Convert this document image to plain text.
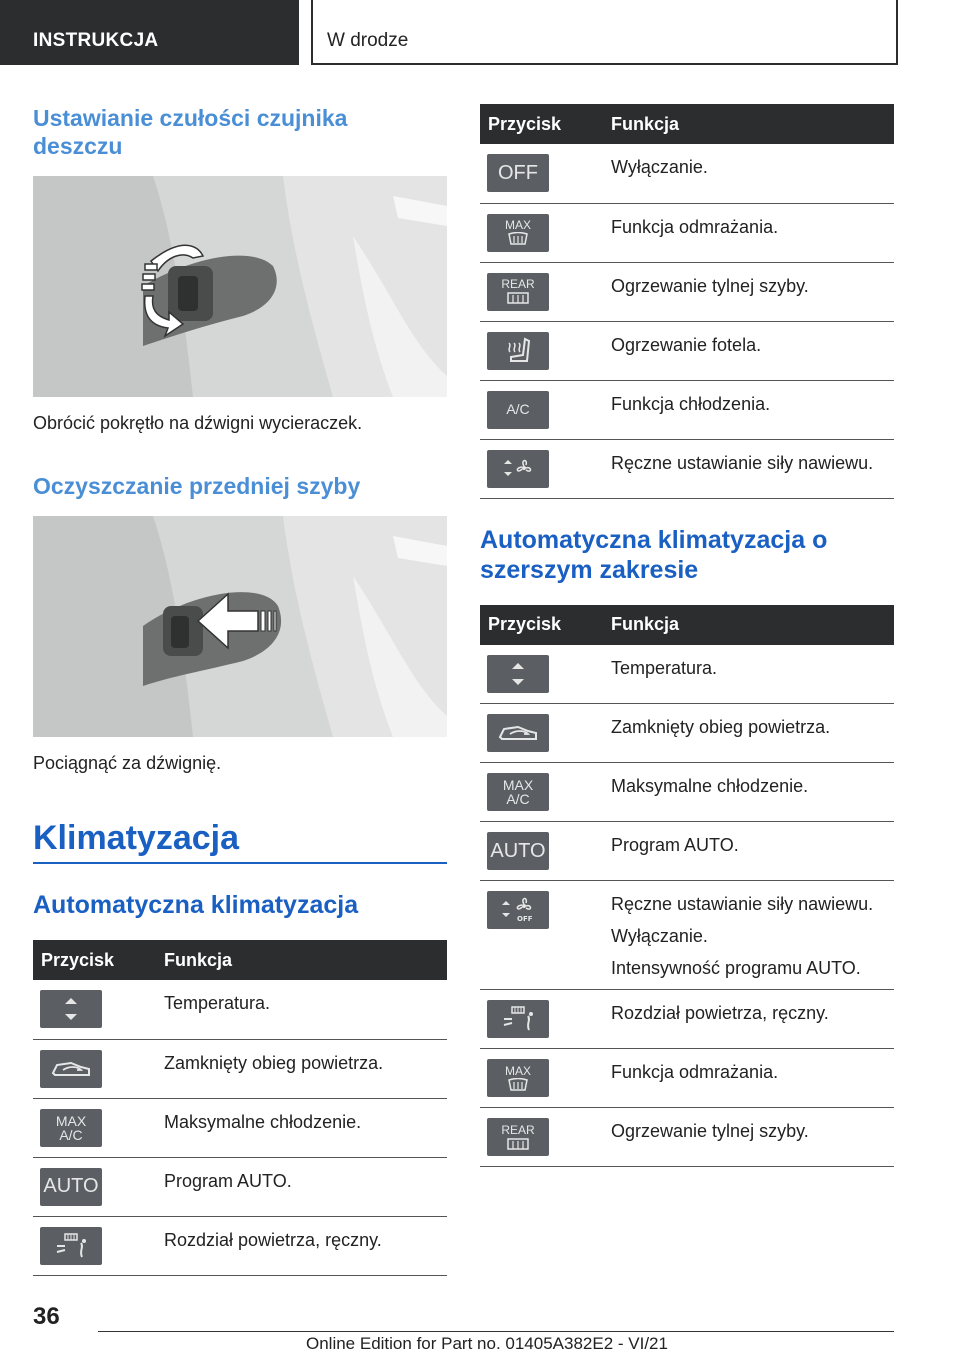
INSTRUKCJA	W drodze
Ustawianie czułości czujnika deszczu
Obrócić pokrętło na dźwigni wycieraczek.
Oczyszczanie przedniej szyby
Pociągnąć za dźwignię.
Klimatyzacja
Automatyczna klimatyzacja
Przycisk	Funkcja

	Temperatura.

	Zamknięty obieg powietrza.

MAX
A/C	Maksymalne chłodzenie.

AUTO	Program AUTO.

	Rozdział powietrza, ręczny.
Przycisk	Funkcja

OFF	Wyłączanie.

MAX	Funkcja odmrażania.

REAR	Ogrzewanie tylnej szyby.

	Ogrzewanie fotela.

A/C	Funkcja chłodzenia.

	Ręczne ustawianie siły nawiewu.
Automatyczna klimatyzacja o szerszym zakresie
Przycisk	Funkcja

Temperatura.

Zamknięty obieg powietrza.

MAX
A/C	Maksymalne chłodzenie.

AUTO	Program AUTO.

OFF	Ręczne ustawianie siły nawiewu.

Wyłączanie.

Intensywność programu AUTO.

Rozdział powietrza, ręczny.

MAX	Funkcja odmrażania.

REAR	Ogrzewanie tylnej szyby.

36
Online Edition for Part no. 01405A382E2 - VI/21
